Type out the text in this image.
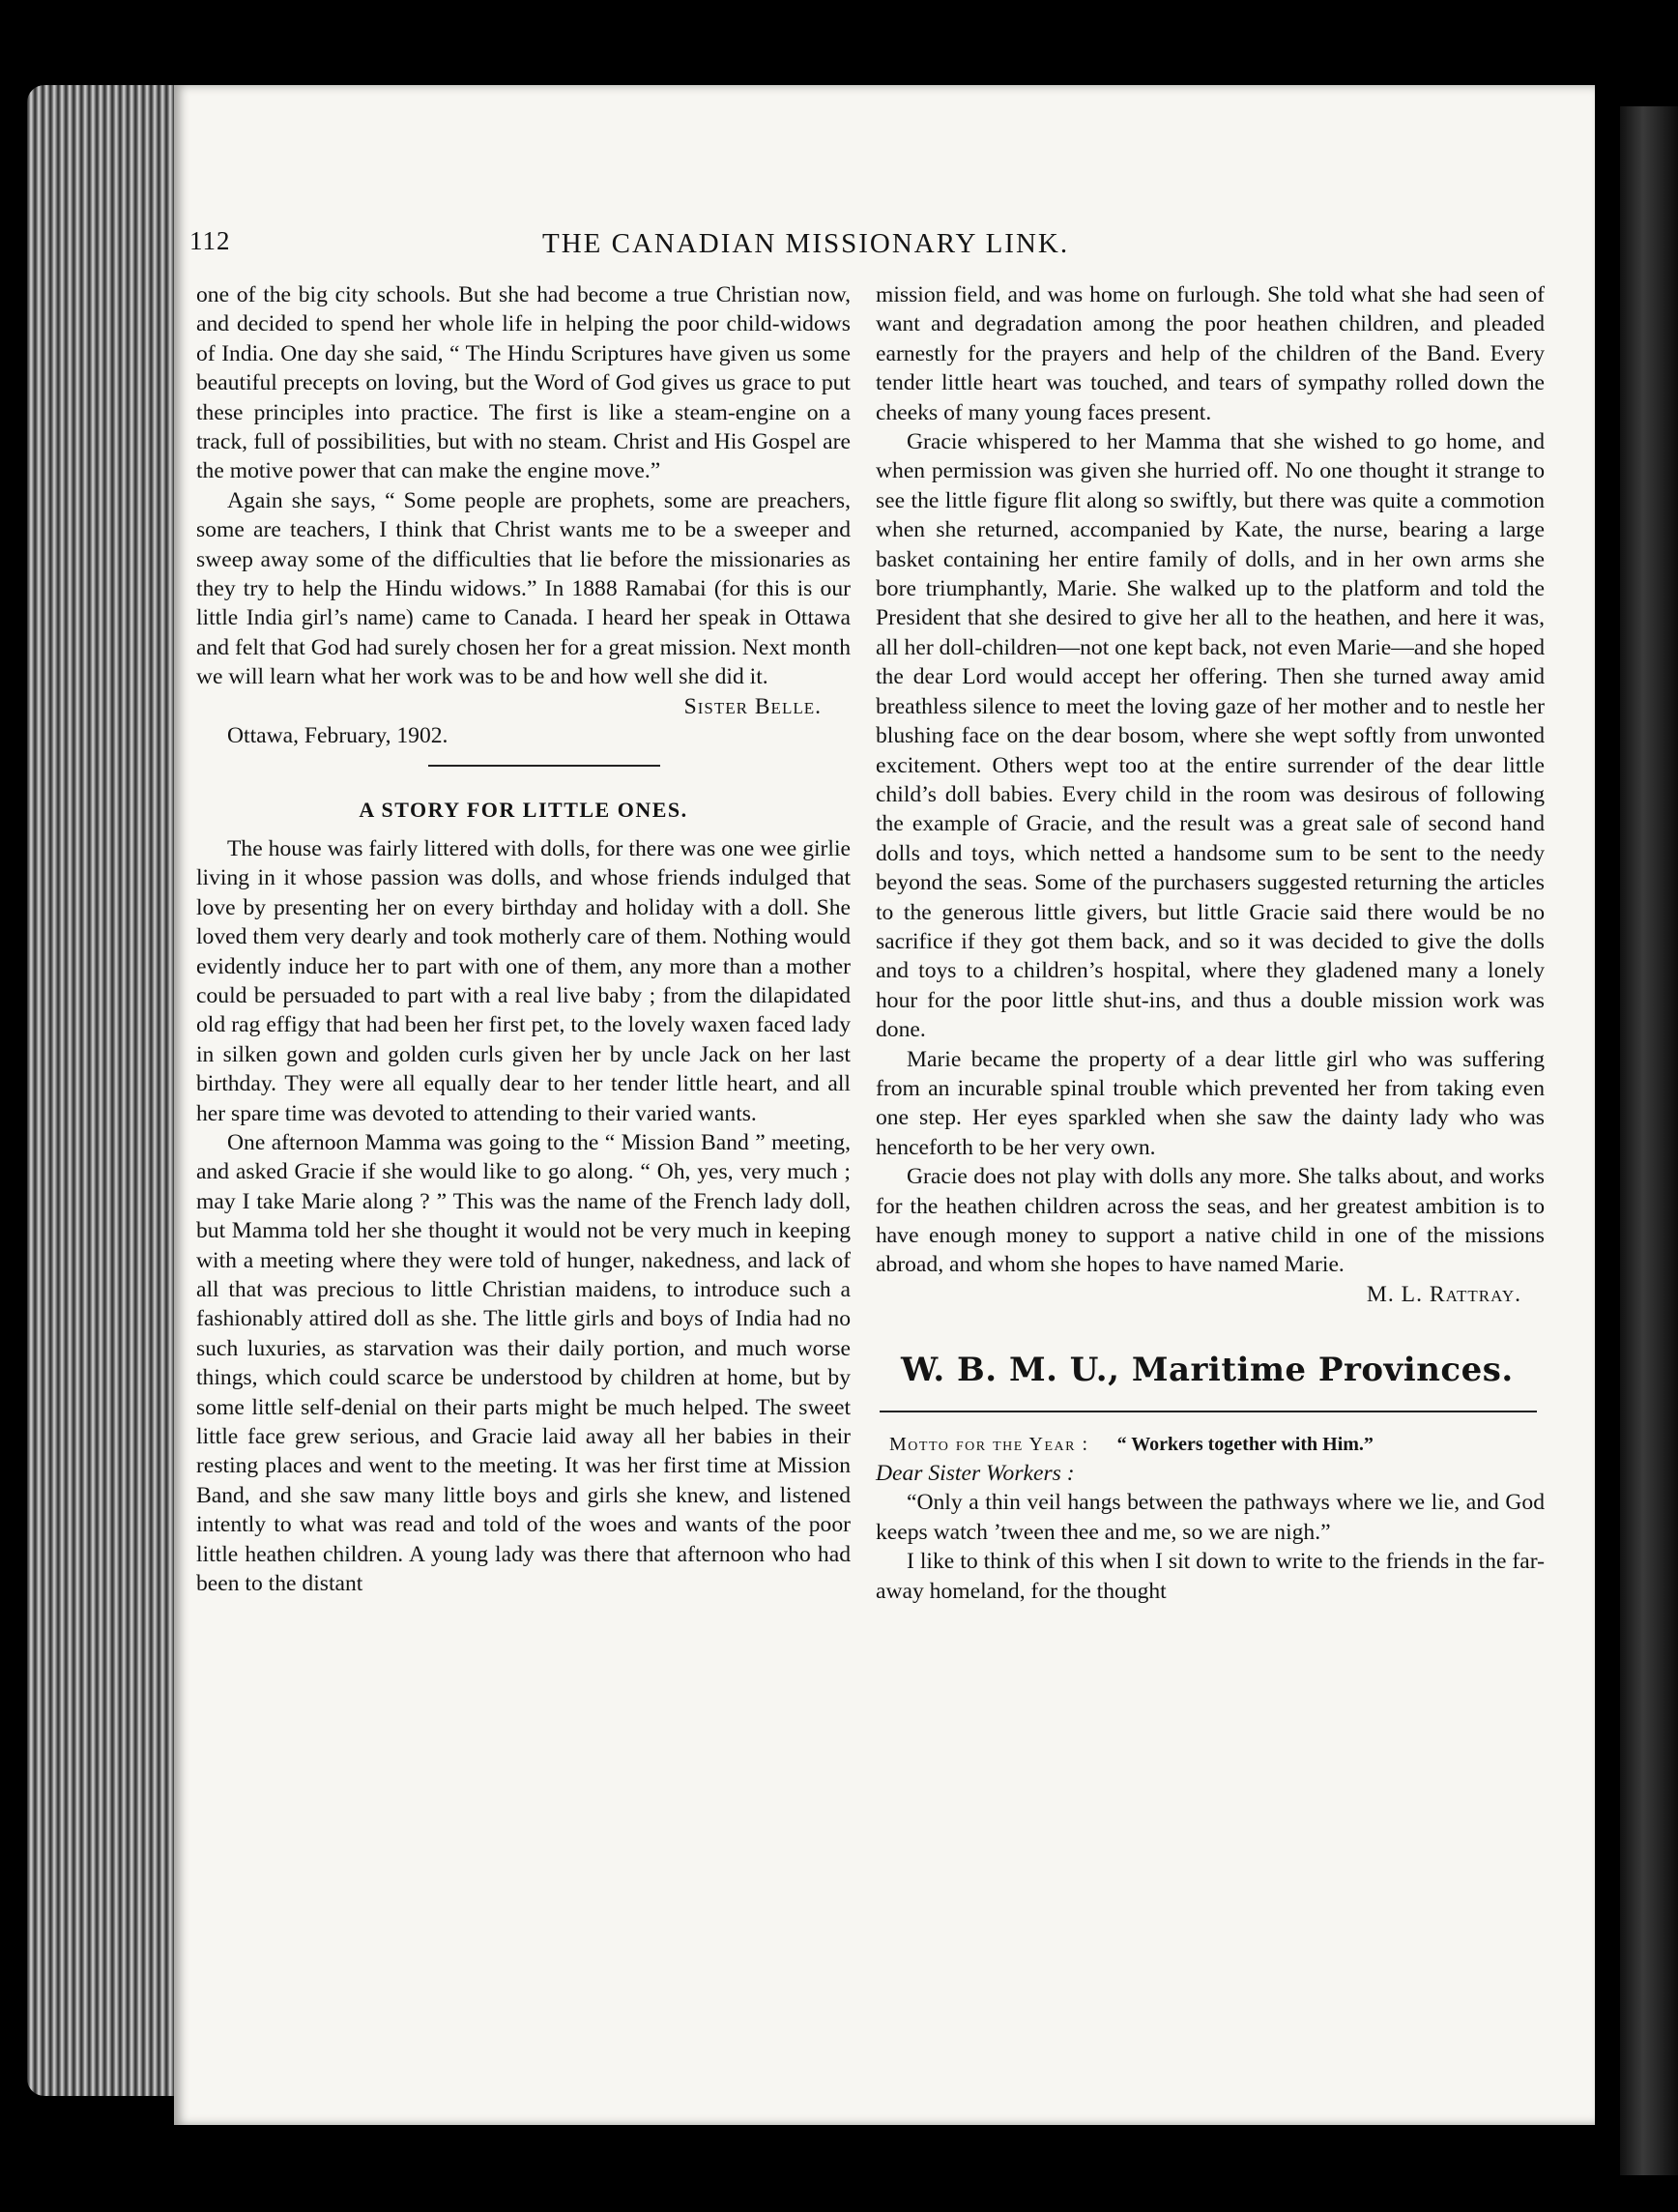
112	THE CANADIAN MISSIONARY LINK.

one of the big city schools. But she had become a true Christian now, and decided to spend her whole life in helping the poor child-widows of India. One day she said, “ The Hindu Scriptures have given us some beautiful precepts on loving, but the Word of God gives us grace to put these principles into practice. The first is like a steam-engine on a track, full of possibilities, but with no steam. Christ and His Gospel are the motive power that can make the engine move.”

Again she says, “ Some people are prophets, some are preachers, some are teachers, I think that Christ wants me to be a sweeper and sweep away some of the difficulties that lie before the missionaries as they try to help the Hindu widows.” In 1888 Ramabai (for this is our little India girl’s name) came to Canada. I heard her speak in Ottawa and felt that God had surely chosen her for a great mission. Next month we will learn what her work was to be and how well she did it.

Sister Belle.

Ottawa, February, 1902.

A STORY FOR LITTLE ONES.

The house was fairly littered with dolls, for there was one wee girlie living in it whose passion was dolls, and whose friends indulged that love by presenting her on every birthday and holiday with a doll. She loved them very dearly and took motherly care of them. Nothing would evidently induce her to part with one of them, any more than a mother could be persuaded to part with a real live baby ; from the dilapidated old rag effigy that had been her first pet, to the lovely waxen faced lady in silken gown and golden curls given her by uncle Jack on her last birthday. They were all equally dear to her tender little heart, and all her spare time was devoted to attending to their varied wants.

One afternoon Mamma was going to the “ Mission Band ” meeting, and asked Gracie if she would like to go along. “ Oh, yes, very much ; may I take Marie along ? ” This was the name of the French lady doll, but Mamma told her she thought it would not be very much in keeping with a meeting where they were told of hunger, nakedness, and lack of all that was precious to little Christian maidens, to introduce such a fashionably attired doll as she. The little girls and boys of India had no such luxuries, as starvation was their daily portion, and much worse things, which could scarce be understood by children at home, but by some little self-denial on their parts might be much helped. The sweet little face grew serious, and Gracie laid away all her babies in their resting places and went to the meeting. It was her first time at Mission Band, and she saw many little boys and girls she knew, and listened intently to what was read and told of the woes and wants of the poor little heathen children. A young lady was there that afternoon who had been to the distant

mission field, and was home on furlough. She told what she had seen of want and degradation among the poor heathen children, and pleaded earnestly for the prayers and help of the children of the Band. Every tender little heart was touched, and tears of sympathy rolled down the cheeks of many young faces present.

Gracie whispered to her Mamma that she wished to go home, and when permission was given she hurried off. No one thought it strange to see the little figure flit along so swiftly, but there was quite a commotion when she returned, accompanied by Kate, the nurse, bearing a large basket containing her entire family of dolls, and in her own arms she bore triumphantly, Marie. She walked up to the platform and told the President that she desired to give her all to the heathen, and here it was, all her doll-children—not one kept back, not even Marie—and she hoped the dear Lord would accept her offering. Then she turned away amid breathless silence to meet the loving gaze of her mother and to nestle her blushing face on the dear bosom, where she wept softly from unwonted excitement. Others wept too at the entire surrender of the dear little child’s doll babies. Every child in the room was desirous of following the example of Gracie, and the result was a great sale of second hand dolls and toys, which netted a handsome sum to be sent to the needy beyond the seas. Some of the purchasers suggested returning the articles to the generous little givers, but little Gracie said there would be no sacrifice if they got them back, and so it was decided to give the dolls and toys to a children’s hospital, where they gladened many a lonely hour for the poor little shut-ins, and thus a double mission work was done.

Marie became the property of a dear little girl who was suffering from an incurable spinal trouble which prevented her from taking even one step. Her eyes sparkled when she saw the dainty lady who was henceforth to be her very own.

Gracie does not play with dolls any more. She talks about, and works for the heathen children across the seas, and her greatest ambition is to have enough money to support a native child in one of the missions abroad, and whom she hopes to have named Marie.

M. L. Rattray.

W. B. M. U., Maritime Provinces.
Motto for the Year : “ Workers together with Him.”

Dear Sister Workers :

“Only a thin veil hangs between the pathways where we lie, and God keeps watch ’tween thee and me, so we are nigh.”

I like to think of this when I sit down to write to the friends in the far-away homeland, for the thought
